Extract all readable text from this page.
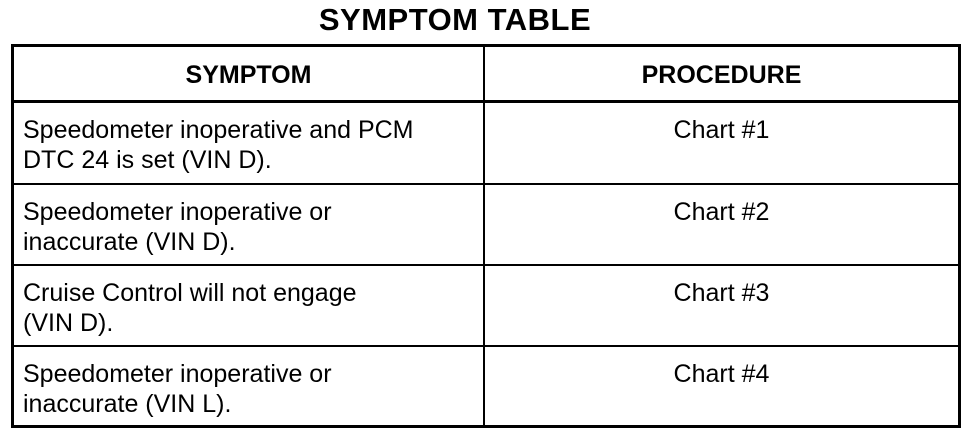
SYMPTOM TABLE
SYMPTOM	PROCEDURE
Speedometer inoperative and PCM
DTC 24 is set (VIN D).
Chart #1
Speedometer inoperative or
inaccurate (VIN D).
Chart #2
Cruise Control will not engage
(VIN D).
Chart #3
Speedometer inoperative or
inaccurate (VIN L).
Chart #4
